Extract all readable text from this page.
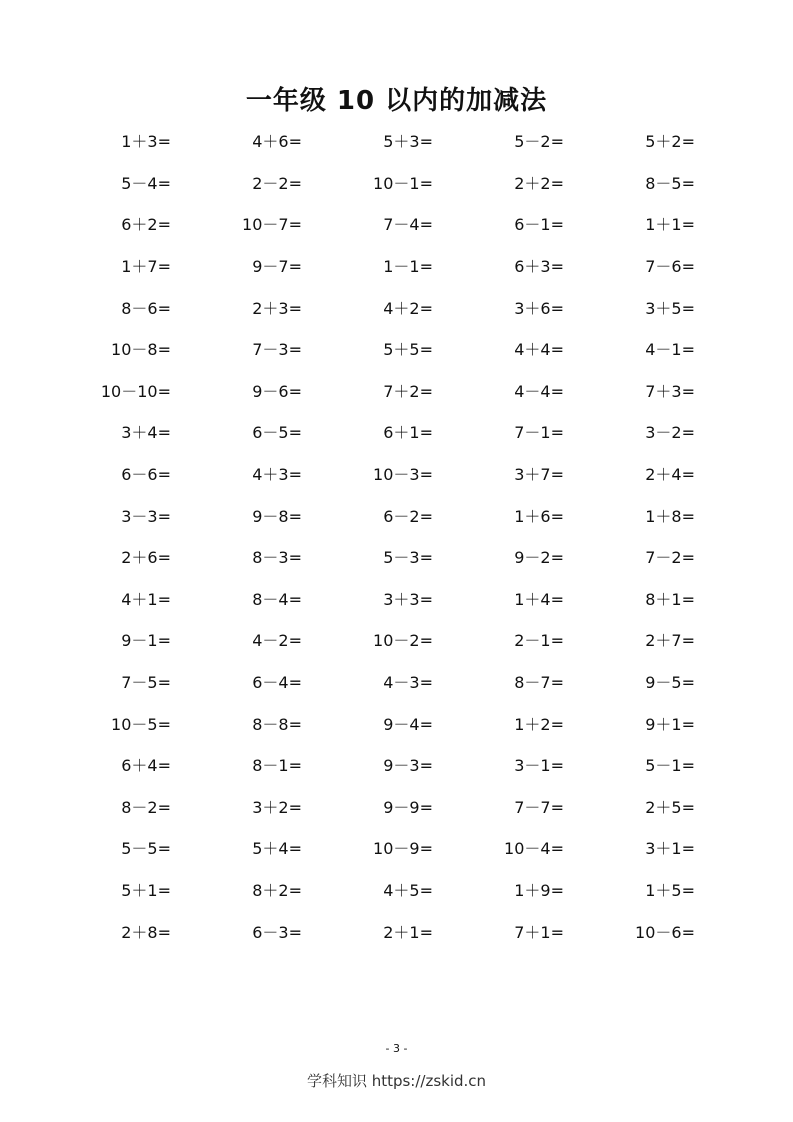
一年级 10 以内的加减法
1＋3=	4＋6=	5＋3=	5－2=	5＋2=
5－4=	2－2=	10－1=	2＋2=	8－5=
6＋2=	10－7=	7－4=	6－1=	1＋1=
1＋7=	9－7=	1－1=	6＋3=	7－6=
8－6=	2＋3=	4＋2=	3＋6=	3＋5=
10－8=	7－3=	5＋5=	4＋4=	4－1=
10－10=	9－6=	7＋2=	4－4=	7＋3=
3＋4=	6－5=	6＋1=	7－1=	3－2=
6－6=	4＋3=	10－3=	3＋7=	2＋4=
3－3=	9－8=	6－2=	1＋6=	1＋8=
2＋6=	8－3=	5－3=	9－2=	7－2=
4＋1=	8－4=	3＋3=	1＋4=	8＋1=
9－1=	4－2=	10－2=	2－1=	2＋7=
7－5=	6－4=	4－3=	8－7=	9－5=
10－5=	8－8=	9－4=	1＋2=	9＋1=
6＋4=	8－1=	9－3=	3－1=	5－1=
8－2=	3＋2=	9－9=	7－7=	2＋5=
5－5=	5＋4=	10－9=	10－4=	3＋1=
5＋1=	8＋2=	4＋5=	1＋9=	1＋5=
2＋8=	6－3=	2＋1=	7＋1=	10－6=
- 3 -
学科知识 https://zskid.cn
